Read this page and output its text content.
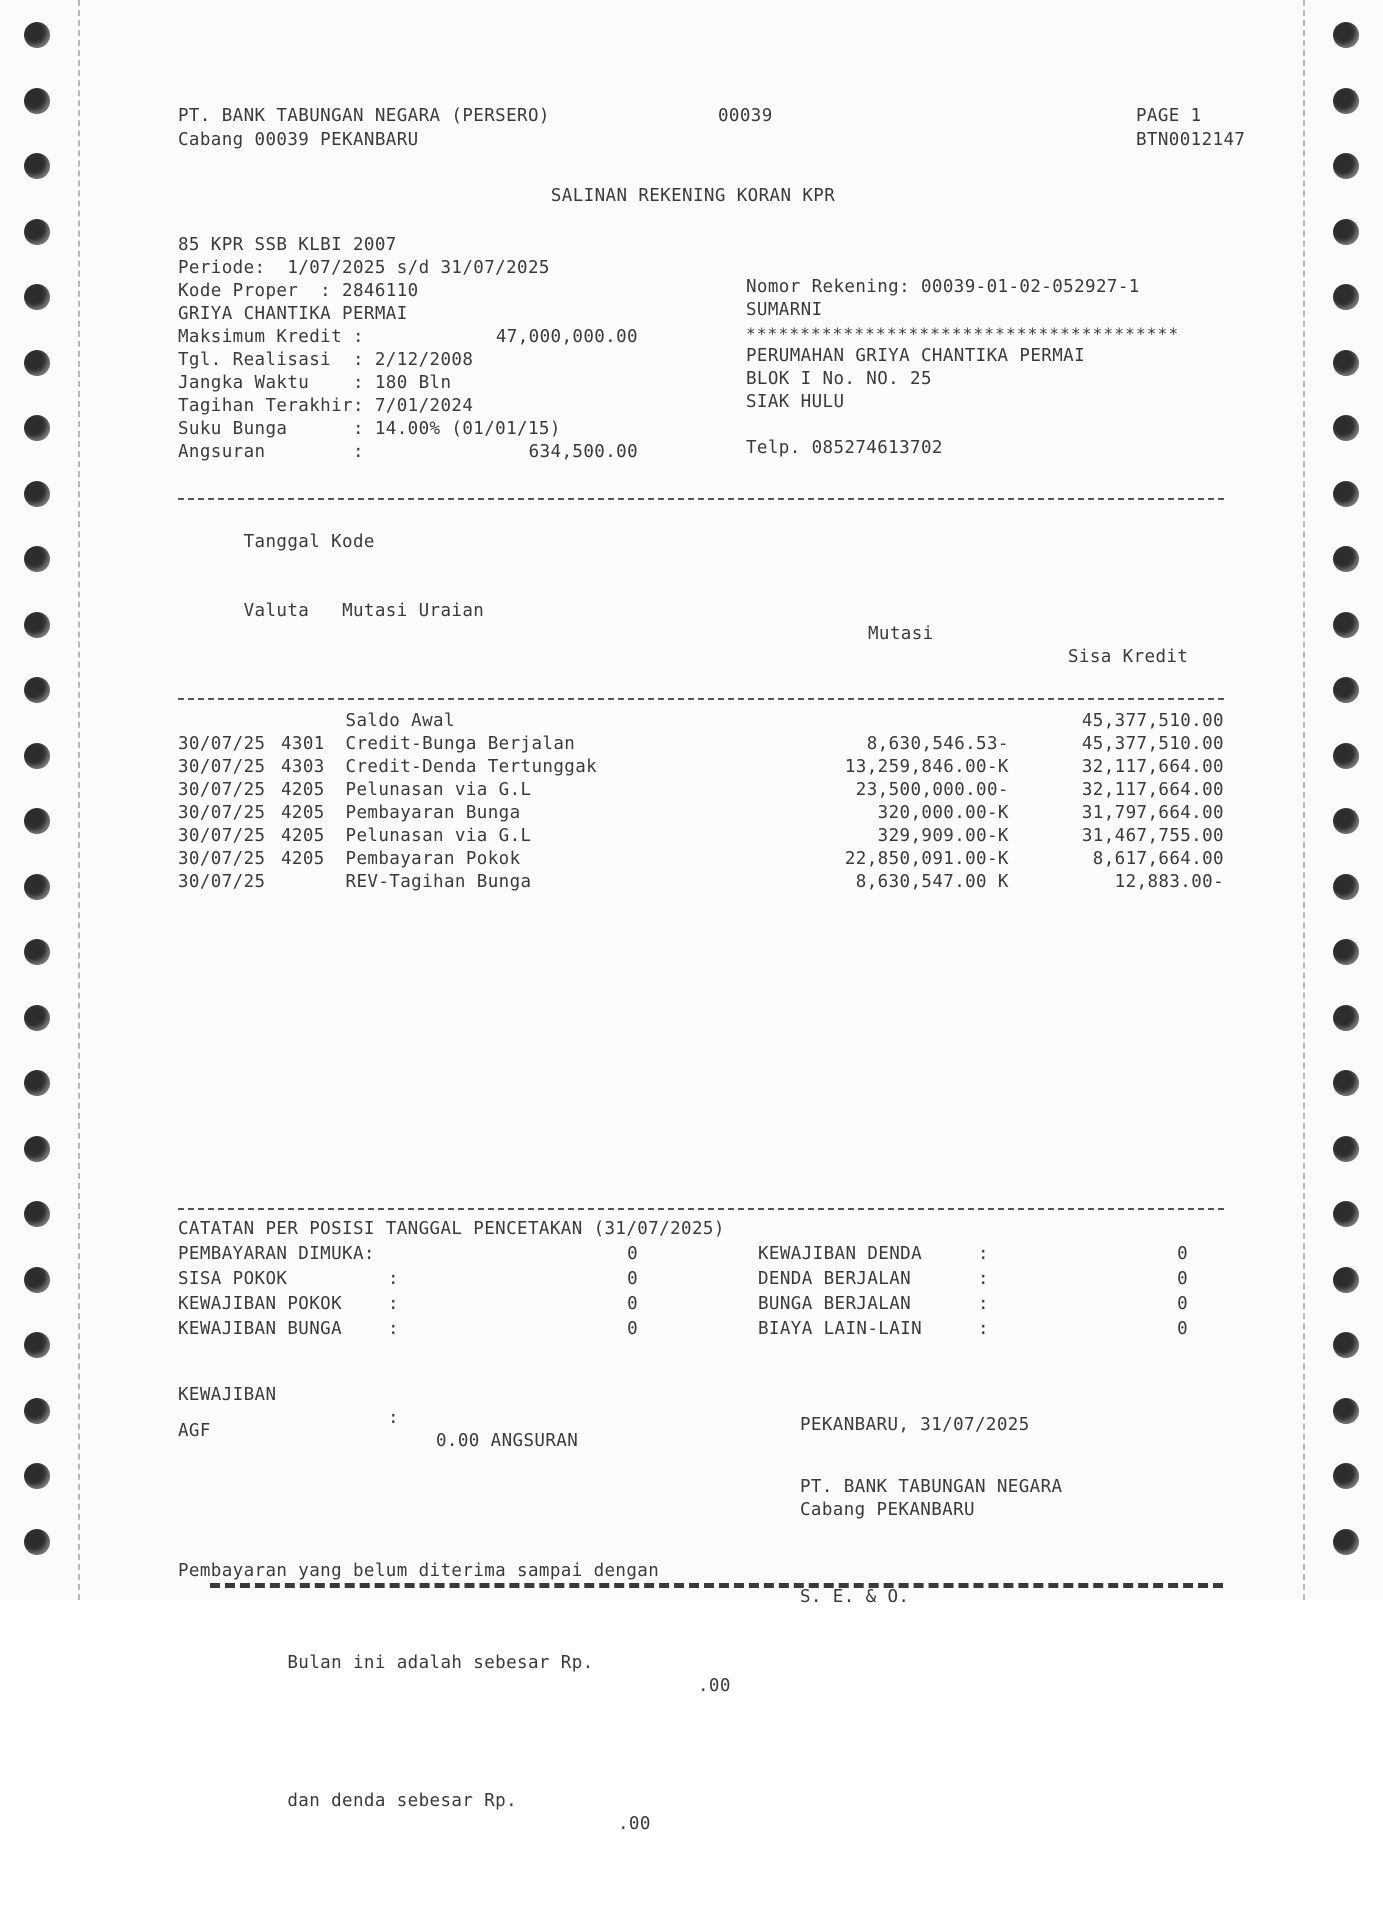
PT. BANK TABUNGAN NEGARA (PERSERO)	00039	PAGE 1
Cabang 00039 PEKANBARU	BTN0012147
SALINAN REKENING KORAN KPR
85 KPR SSB KLBI 2007
Periode: 1/07/2025 s/d 31/07/2025
Kode Proper  : 2846110
GRIYA CHANTIKA PERMAI
Maksimum Kredit :	47,000,000.00
Tgl. Realisasi  : 2/12/2008
Jangka Waktu    : 180 Bln
Tagihan Terakhir: 7/01/2024
Suku Bunga      : 14.00% (01/01/15)
Angsuran        :	634,500.00
Nomor Rekening: 00039-01-02-052927-1
SUMARNI
****************************************
PERUMAHAN GRIYA CHANTIKA PERMAI
BLOK I No. NO. 25
SIAK HULU

Telp. 085274613702

Tanggal Kode

Valuta Mutasi Uraian

Mutasi

Sisa Kredit

		Saldo Awal		45,377,510.00
30/07/25	4301	Credit-Bunga Berjalan	8,630,546.53-	45,377,510.00
30/07/25	4303	Credit-Denda Tertunggak	13,259,846.00-K	32,117,664.00
30/07/25	4205	Pelunasan via G.L	23,500,000.00-	32,117,664.00
30/07/25	4205	Pembayaran Bunga	320,000.00-K	31,797,664.00
30/07/25	4205	Pelunasan via G.L	329,909.00-K	31,467,755.00
30/07/25	4205	Pembayaran Pokok	22,850,091.00-K	8,617,664.00
30/07/25		REV-Tagihan Bunga	8,630,547.00 K	12,883.00-
CATATAN PER POSISI TANGGAL PENCETAKAN (31/07/2025)
PEMBAYARAN DIMUKA:	0	KEWAJIBAN DENDA	:	0
SISA POKOK	:	0	DENDA BERJALAN	:	0
KEWAJIBAN POKOK	:	0	BUNGA BERJALAN	:	0
KEWAJIBAN BUNGA	:	0	BIAYA LAIN-LAIN	:	0

KEWAJIBAN

:

0.00 ANGSURAN

AGF	PEKANBARU, 31/07/2025
PT. BANK TABUNGAN NEGARA
Cabang PEKANBARU
S. E. & O.

Pembayaran yang belum diterima sampai dengan

Bulan ini adalah sebesar Rp.

.00

dan denda sebesar Rp.

.00
